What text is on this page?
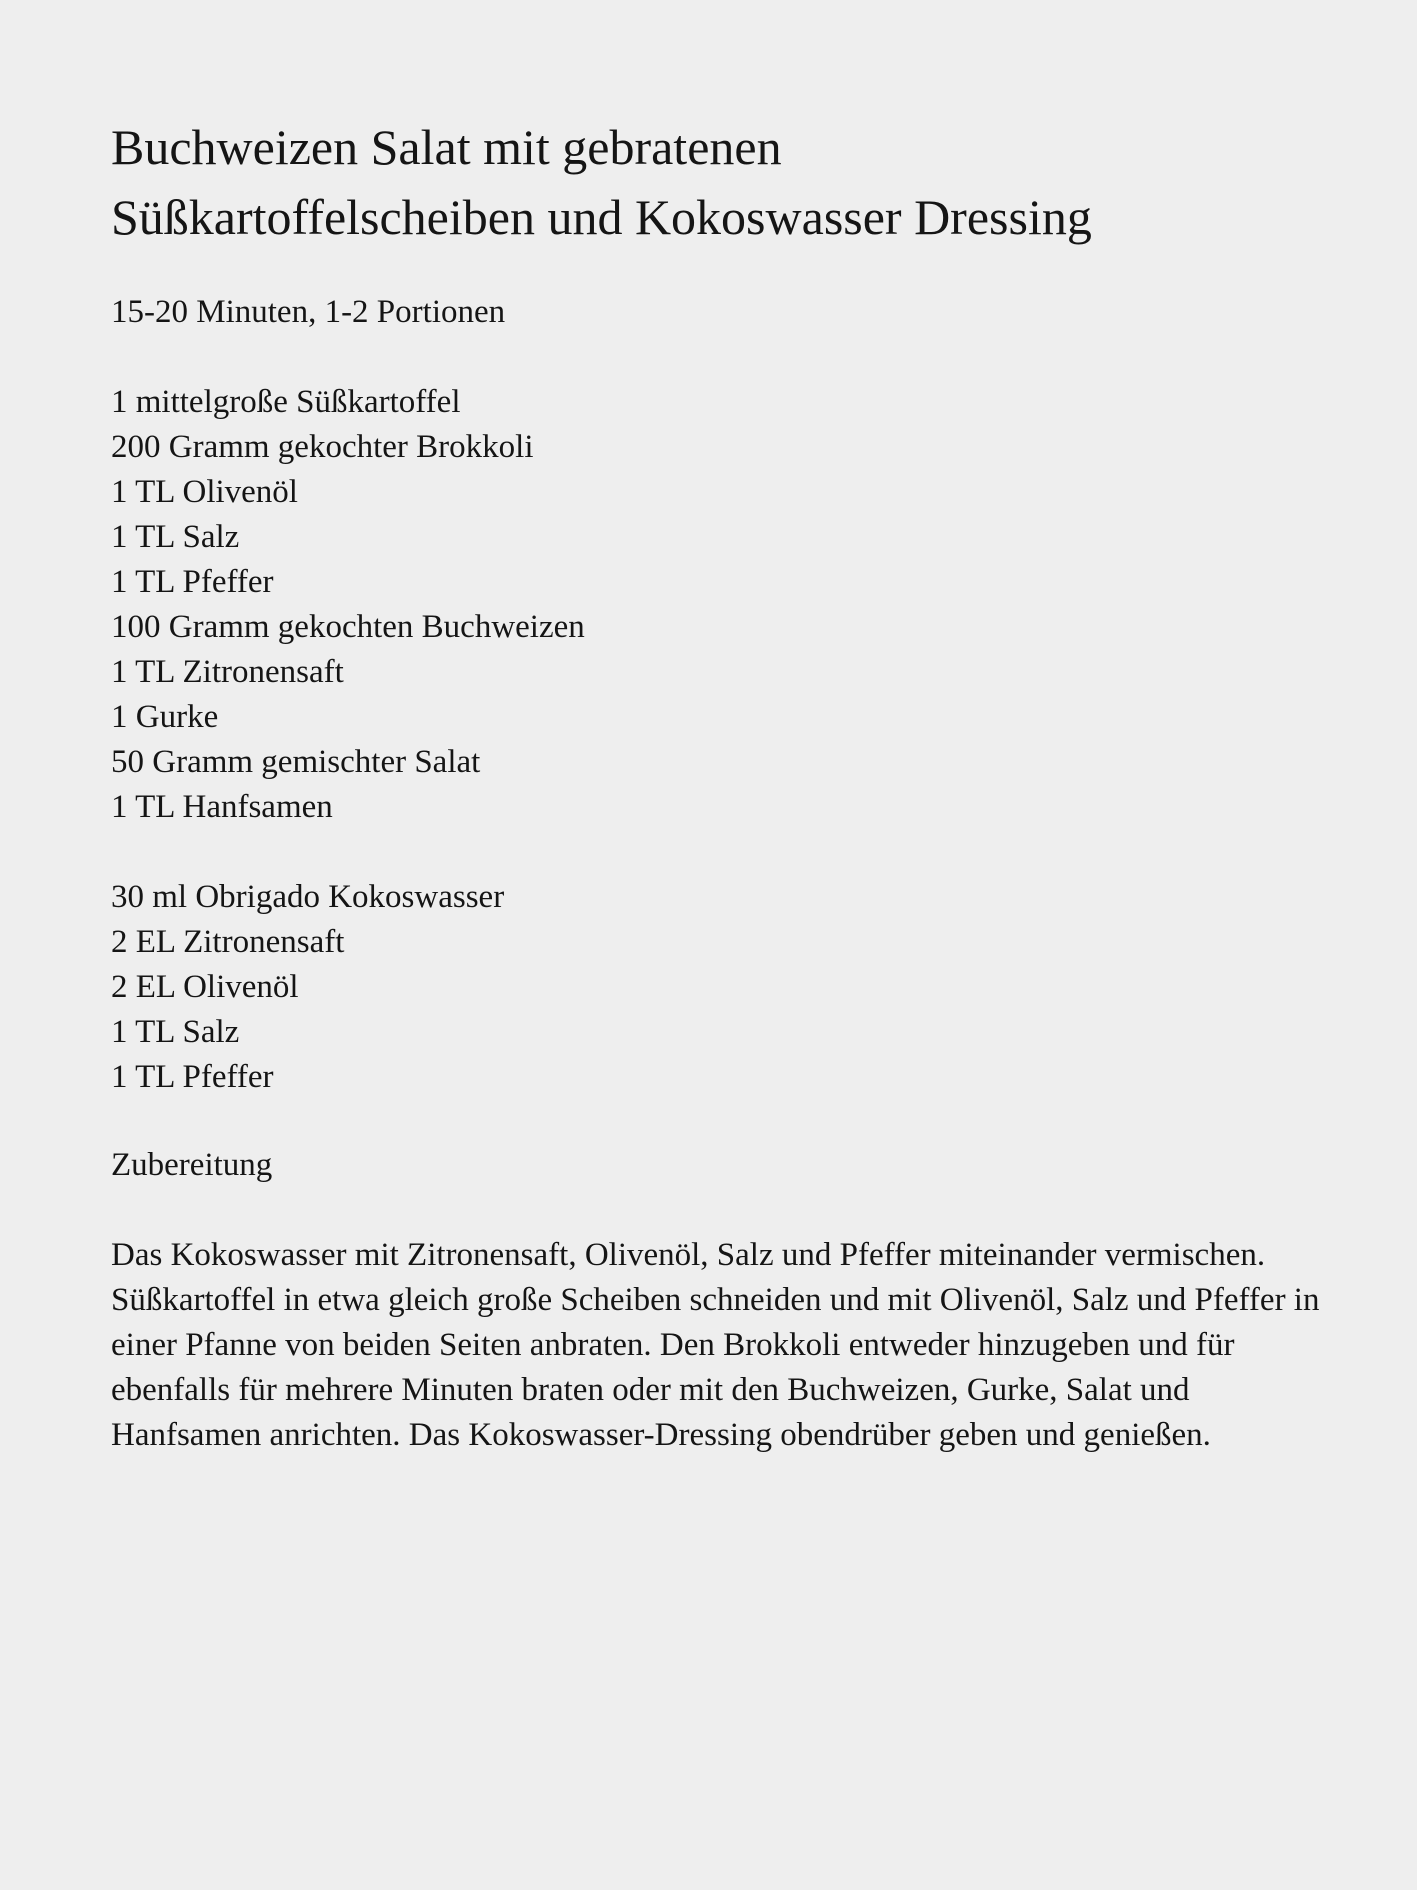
Buchweizen Salat mit gebratenen
Süßkartoffelscheiben und Kokoswasser Dressing

15-20 Minuten, 1-2 Portionen

1 mittelgroße Süßkartoffel
200 Gramm gekochter Brokkoli
1 TL Olivenöl
1 TL Salz
1 TL Pfeffer
100 Gramm gekochten Buchweizen
1 TL Zitronensaft
1 Gurke
50 Gramm gemischter Salat
1 TL Hanfsamen
30 ml Obrigado Kokoswasser
2 EL Zitronensaft
2 EL Olivenöl
1 TL Salz
1 TL Pfeffer
Zubereitung

Das Kokoswasser mit Zitronensaft, Olivenöl, Salz und Pfeffer miteinander vermischen.

Süßkartoffel in etwa gleich große Scheiben schneiden und mit Olivenöl, Salz und Pfeffer in einer Pfanne von beiden Seiten anbraten. Den Brokkoli entweder hinzugeben und für ebenfalls für mehrere Minuten braten oder mit den Buchweizen, Gurke, Salat und Hanfsamen anrichten. Das Kokoswasser-Dressing obendrüber geben und genießen.
